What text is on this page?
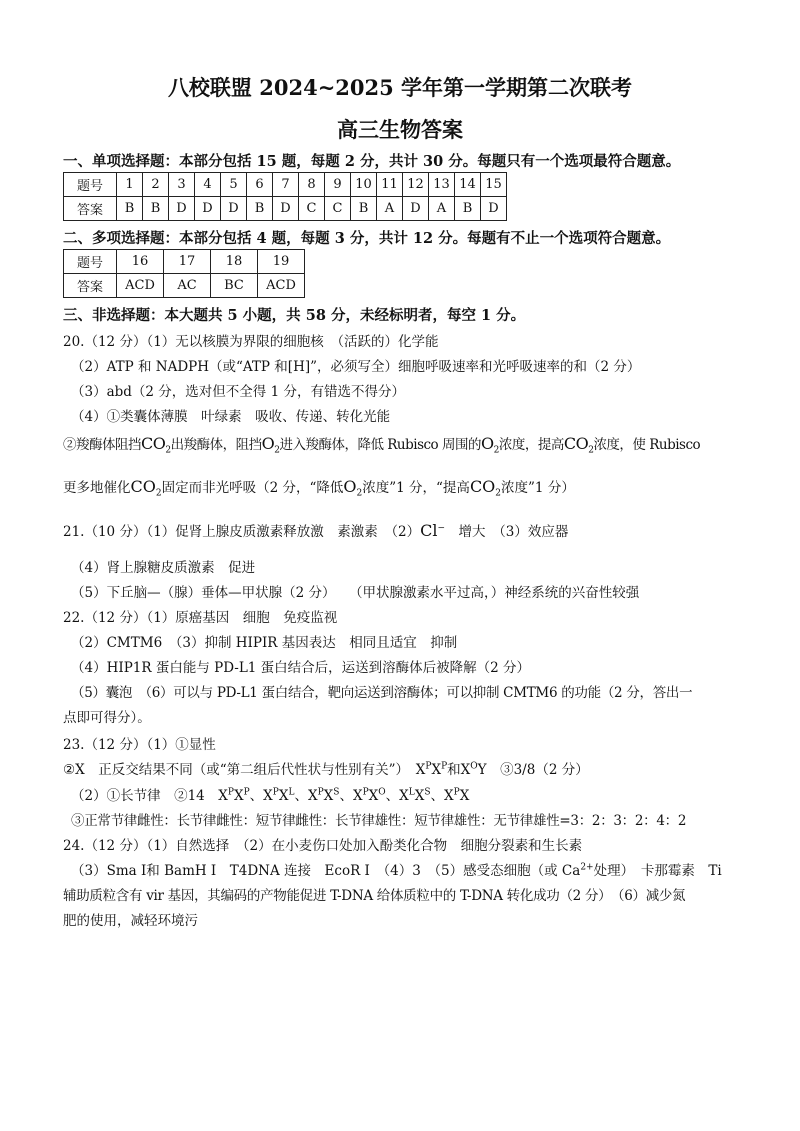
八校联盟 2024~2025 学年第一学期第二次联考
高三生物答案
一、单项选择题：本部分包括 15 题，每题 2 分，共计 30 分。每题只有一个选项最符合题意。
题号	1	2	3	4	5	6	7	8	9	10	11	12	13	14	15
答案	B	B	D	D	D	B	D	C	C	B	A	D	A	B	D
二、多项选择题：本部分包括 4 题，每题 3 分，共计 12 分。每题有不止一个选项符合题意。
题号	16	17	18	19
答案	ACD	AC	BC	ACD
三、非选择题：本大题共 5 小题，共 58 分，未经标明者，每空 1 分。
20.（12 分）（1）无以核膜为界限的细胞核　（活跃的）化学能
（2）ATP 和 NADPH（或“ATP 和[H]”，必须写全）细胞呼吸速率和光呼吸速率的和（2 分）
（3）abd（2 分，选对但不全得 1 分，有错选不得分）
（4）①类囊体薄膜　叶绿素　吸收、传递、转化光能
②羧酶体阻挡$CO_2$出羧酶体，阻挡$O_2$进入羧酶体，降低 Rubisco 周围的$O_2$浓度，提高$CO_2$浓度，使 Rubisco
更多地催化$CO_2$固定而非光呼吸（2 分，“降低$O_2$浓度”1 分，“提高$CO_2$浓度”1 分）
21.（10 分）（1）促肾上腺皮质激素释放激　素激素　（2）Cl−　增大　（3）效应器
（4）肾上腺糖皮质激素　促进
（5）下丘脑—（腺）垂体—甲状腺（2 分）　　（甲状腺激素水平过高，）神经系统的兴奋性较强
22.（12 分）（1）原癌基因　细胞　免疫监视
（2）CMTM6　（3）抑制 HIPIR 基因表达　相同且适宜　抑制
（4）HIP1R 蛋白能与 PD-L1 蛋白结合后，运送到溶酶体后被降解（2 分）
（5）囊泡　（6）可以与 PD-L1 蛋白结合，靶向运送到溶酶体；可以抑制 CMTM6 的功能（2 分，答出一
点即可得分）。
23.（12 分）（1）①显性
②X　正反交结果不同（或“第二组后代性状与性别有关”）　$X^PX^P$和$X^OY$　③3/8（2 分）
（2）①长节律　②14　$X^PX^P$、$X^PX^L$、$X^PX^S$、$X^PX^O$、$X^LX^S$、$X^PX$
③正常节律雌性：长节律雌性：短节律雌性：长节律雄性：短节律雄性：无节律雄性=3：2：3：2：4：2
24.（12 分）（1）自然选择　（2）在小麦伤口处加入酚类化合物　细胞分裂素和生长素
（3）Sma Ⅰ和 BamH Ⅰ　T4DNA 连接　EcoR Ⅰ　（4）3　（5）感受态细胞（或 $Ca^{2+}$处理）　卡那霉素　Ti
辅助质粒含有 vir 基因，其编码的产物能促进 T-DNA 给体质粒中的 T-DNA 转化成功（2 分）　（6）减少氮
肥的使用，减轻环境污
